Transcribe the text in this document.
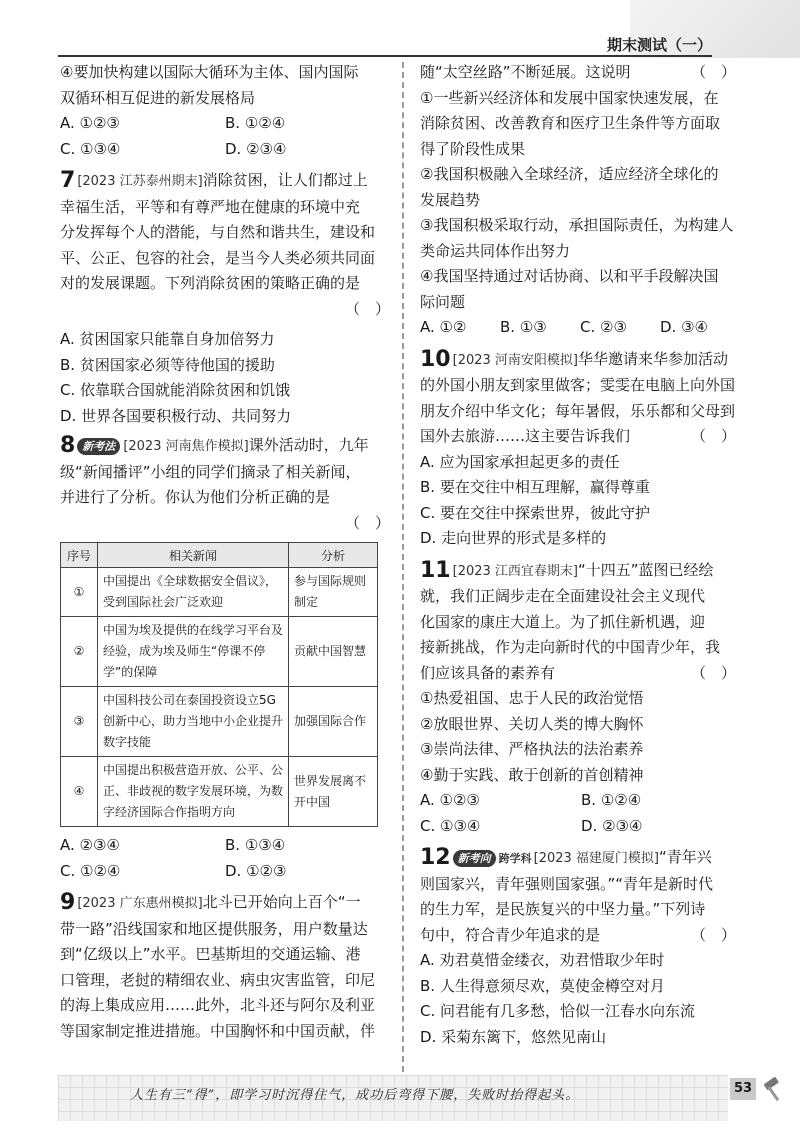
期末测试（一）
④要加快构建以国际大循环为主体、国内国际
双循环相互促进的新发展格局
A. ①②③	B. ①②④
C. ①③④	D. ②③④
7 [2023 江苏泰州期末]消除贫困，让人们都过上
幸福生活，平等和有尊严地在健康的环境中充
分发挥每个人的潜能，与自然和谐共生，建设和
平、公正、包容的社会，是当今人类必须共同面
对的发展课题。下列消除贫困的策略正确的是
（　）
A. 贫困国家只能靠自身加倍努力
B. 贫困国家必须等待他国的援助
C. 依靠联合国就能消除贫困和饥饿
D. 世界各国要积极行动、共同努力
8 新考法 [2023 河南焦作模拟]课外活动时，九年
级“新闻播评”小组的同学们摘录了相关新闻，
并进行了分析。你认为他们分析正确的是
（　）
序号	相关新闻	分析
①	中国提出《全球数据安全倡议》，受到国际社会广泛欢迎	参与国际规则制定
②	中国为埃及提供的在线学习平台及经验，成为埃及师生“停课不停学”的保障	贡献中国智慧
③	中国科技公司在泰国投资设立5G创新中心，助力当地中小企业提升数字技能	加强国际合作
④	中国提出积极营造开放、公平、公正、非歧视的数字发展环境，为数字经济国际合作指明方向	世界发展离不开中国
A. ②③④	B. ①③④
C. ①②④	D. ①②③
9 [2023 广东惠州模拟]北斗已开始向上百个“一
带一路”沿线国家和地区提供服务，用户数量达
到“亿级以上”水平。巴基斯坦的交通运输、港
口管理，老挝的精细农业、病虫灾害监管，印尼
的海上集成应用……此外，北斗还与阿尔及利亚
等国家制定推进措施。中国胸怀和中国贡献，伴
随“太空丝路”不断延展。这说明	（　）
①一些新兴经济体和发展中国家快速发展，在
消除贫困、改善教育和医疗卫生条件等方面取
得了阶段性成果
②我国积极融入全球经济，适应经济全球化的
发展趋势
③我国积极采取行动，承担国际责任，为构建人
类命运共同体作出努力
④我国坚持通过对话协商、以和平手段解决国
际问题
A. ①②	B. ①③	C. ②③	D. ③④
10 [2023 河南安阳模拟]华华邀请来华参加活动
的外国小朋友到家里做客；雯雯在电脑上向外国
朋友介绍中华文化；每年暑假，乐乐都和父母到
国外去旅游……这主要告诉我们	（　）
A. 应为国家承担起更多的责任
B. 要在交往中相互理解，赢得尊重
C. 要在交往中探索世界，彼此守护
D. 走向世界的形式是多样的
11 [2023 江西宜春期末]“十四五”蓝图已经绘
就，我们正阔步走在全面建设社会主义现代
化国家的康庄大道上。为了抓住新机遇，迎
接新挑战，作为走向新时代的中国青少年，我
们应该具备的素养有	（　）
①热爱祖国、忠于人民的政治觉悟
②放眼世界、关切人类的博大胸怀
③崇尚法律、严格执法的法治素养
④勤于实践、敢于创新的首创精神
A. ①②③	B. ①②④
C. ①③④	D. ②③④
12 新考向 跨学科 [2023 福建厦门模拟]“青年兴
则国家兴，青年强则国家强。”“青年是新时代
的生力军，是民族复兴的中坚力量。”下列诗
句中，符合青少年追求的是	（　）
A. 劝君莫惜金缕衣，劝君惜取少年时
B. 人生得意须尽欢，莫使金樽空对月
C. 问君能有几多愁，恰似一江春水向东流
D. 采菊东篱下，悠然见南山
人生有三“得”，即学习时沉得住气，成功后弯得下腰，失败时抬得起头。	53
